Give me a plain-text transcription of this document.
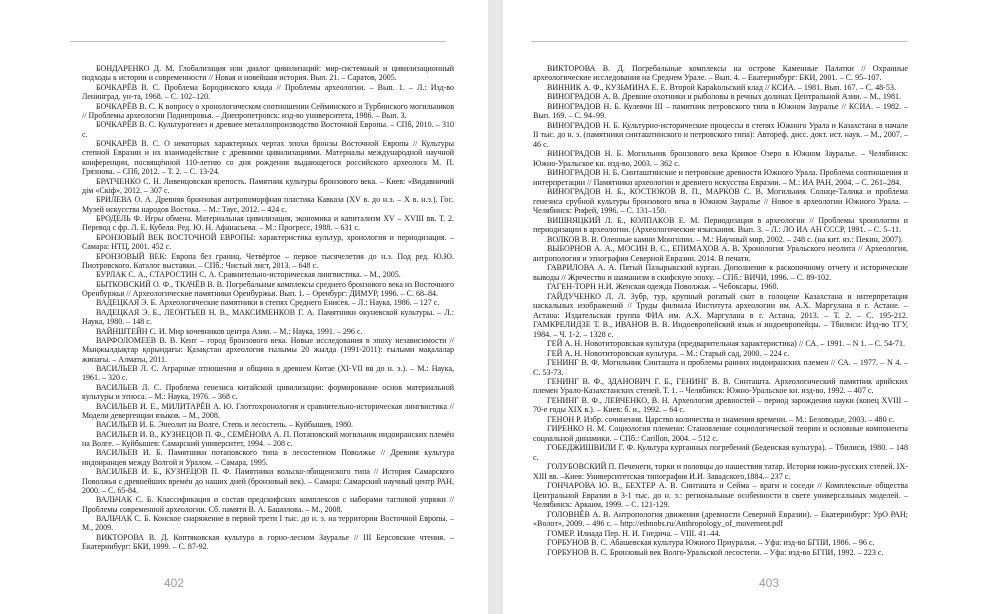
БОНДАРЕНКО Д. М. Глобализация или диалог цивилизаций: мир-системный и цивилизационный подходы к истории и современности // Новая и новейшая история. Вып. 21. – Саратов, 2005.

БОЧКАРЁВ В. С. Проблема Бородинского клада // Проблемы археологии. – Вып. 1. – Л.: Изд-во Ленинград. ун-та, 1968. – С. 102–120.

БОЧКАРЁВ В. С. К вопросу о хронологическом соотношении Сейминского и Турбинского могильников // Проблемы археологии Поднепровья. – Днепропетровск: изд-во университета, 1986. – Вып. 3.

БОЧКАРЁВ В. С. Культурогенез и древнее металлопроизводство Восточной Европы. – СПб, 2010. – 310 с.

БОЧКАРЁВ В. С. О некоторых характерных чертах эпохи бронзы Восточной Европы // Культуры степной Евразии и их взаимодействие с древними цивилизациями. Материалы международной научной конференции, посвящённой 110-летию со дня рождения выдающегося российского археолога М. П. Грязнова. – СПб, 2012. – Т. 2. – С. 13-24.

БРАТЧЕНКО С. Н. Ливенцовская крепость. Памятник культуры бронзового века. – Киев: «Видавничий дім «Скіф», 2012. – 307 с.

БРИЛЕВА О. А. Древняя бронзовая антропоморфная пластика Кавказа (XV в. до н.э. – X в. н.э.). Гос. Музей искусства народов Востока. – М.: Таус, 2012. – 424 с.

БРОДЕЛЬ Ф. Игры обмена. Материальная цивилизация, экономика и капитализм XV – XVIII вв. Т. 2. Перевод с фр. Л. Е. Кубеля. Ред. Ю. Н. Афанасьева. – М.: Прогресс, 1988. – 631 с.

БРОНЗОВЫЙ ВЕК ВОСТОЧНОЙ ЕВРОПЫ: характеристика культур, хронология и периодизация. – Самара: НТЦ, 2001. 452 с.

БРОНЗОВЫЙ ВЕК: Европа без границ. Четвёртое – первое тысячелетия до н.э. Под ред. Ю.Ю. Пиотровского. Каталог выставки. – СПб.: Чистый лист, 2013. – 648 с.

БУРЛАК С. А., СТАРОСТИН С. А. Сравнительно-историческая лингвистика. – М., 2005.

БЫТКОВСКИЙ О. Ф., ТКАЧЁВ В. В. Погребальные комплексы среднего бронзового века из Восточного Оренбуржья // Археологические памятники Оренбуржья. Вып. 1. – Оренбург: ДИМУР, 1996. – С. 68–84.

ВАДЕЦКАЯ Э. Б. Археологические памятники в степях Среднего Енисея. – Л.: Наука, 1986. – 127 с.

ВАДЕЦКАЯ Э. Б., ЛЕОНТЬЕВ Н. В., МАКСИМЕНКОВ Г. А. Памятники окуневской культуры. – Л.: Наука, 1980. – 148 с.

ВАЙНШТЕЙН С. И. Мир кочевников центра Азии. – М.: Наука, 1991. – 296 с.

ВАРФОЛОМЕЕВ В. В. Кент – город бронзового века. Новые исследования в эпоху независимости // Мыңжылдықтар қорындағы: Қазақстан археология ғылымы 20 жылда (1991-2011): ғылыми мақалалар жинағы. – Алматы, 2011.

ВАСИЛЬЕВ Л. С. Аграрные отношения и община в древнем Китае (XI-VII вв до н. э.). – М.: Наука, 1961. – 320 с.

ВАСИЛЬЕВ Л. С. Проблема генезиса китайской цивилизации: формирование основ материальной культуры и этноса. – М.: Наука, 1976. – 368 с.

ВАСИЛЬЕВ И. Е., МИЛИТАРЁВ А. Ю. Глоттохронология и сравнительно-историческая лингвистика // Модели девергенции языков. – М., 2008.

ВАСИЛЬЕВ И. Б. Энеолит на Волге. Степь и лесостепь. – Куйбышев, 1980.

ВАСИЛЬЕВ И. В., КУЗНЕЦОВ П. Ф., СЕМЁНОВА А. П. Потаповский могильник индоиранских племён на Волге. – Куйбышев: Самарский университет, 1994. – 208 с.

ВАСИЛЬЕВ И. Б. Памятники потаповского типа в лесостепном Поволжье // Древняя культура индоиранцев между Волгой и Уралом. – Самара, 1995.

ВАСИЛЬЕВ И. Б., КУЗНЕЦОВ П. Ф. Памятники вольско-лбищенского типа // История Самарского Поволжья с древнейших времён до наших дней (бронзовый век). – Самара: Самарский научный центр РАН, 2000. – С. 65-84.

ВАЛЬЧАК С. Б. Классификация и состав предскифских комплексов с наборами тагловой упряжи // Проблемы современной археологии. Сб. памяти В. А. Башилова. – М., 2008.

ВАЛЬЧАК С. Б. Конское снаряжение в первой трети I тыс. до н. э. на территории Восточной Европы. – М., 2009.

ВИКТОРОВА В. Д. Коптяковская культура в горно-лесном Зауралье // III Берсовские чтения. – Екатеринбург: БКИ, 1999. – С. 87-92.

402

ВИКТОРОВА В. Д. Погребальные комплексы на острове Каменные Палатки // Охранные археологические исследования на Среднем Урале. – Вып. 4. – Екатеринбург: БКИ, 2001. – С. 95–107.

ВИННИК А. Ф., КУЗЬМИНА Е. Е. Второй Караkольский клад // КСИА. – 1981. Вып. 167. – С. 48-53.

ВИНОГРАДОВ А. В. Древние охотники и рыболовы в речных долинах Центральной Азии. – М., 1981.

ВИНОГРАДОВ Н. Б. Кулевчи III – памятник петровского типа в Южном Зауралье // КСИА. – 1982. – Вып. 169. – С. 94–99.

ВИНОГРАДОВ Н. Б. Культурно-исторические процессы в степях Южного Урала и Казахстана в начале II тыс. до н. э. (памятники синташтинского и петровского типа): Автореф. дисс. докт. ист. наук. – М., 2007. – 46 с.

ВИНОГРАДОВ Н. Б. Могильник бронзового века Кривое Озеро в Южном Зауралье. – Челябинск: Южно-Уральское кн. изд-во, 2003. – 362 с.

ВИНОГРАДОВ Н. Б. Синташтинские и петровские древности Южного Урала. Проблема соотношения и интерпретации // Памятники археологии и древнего искусства Евразии. – М.: ИА РАН, 2004. – С. 261–284.

ВИНОГРАДОВ Н. Б., КОСТЮКОВ В. П., МАРКОВ С. В. Могильник Солнце-Талика и проблема генезиса срубной культуры бронзового века в Южном Зауралье // Новое в археологии Южного Урала. – Челябинск: Рифей, 1996. – С. 131–150.

ВИШНЯЦКИЙ Л. Б., КОЛПАКОВ Е. М. Периодизация в археологии // Проблемы хронологии и периодизации в археологии. (Археологические изыскания. Вып. 3. – Л.: ЛО ИА АН СССР, 1991. – С. 5–11.

ВОЛКОВ В. В. Оленные камни Монголии. – М.: Научный мир, 2002. – 248 с. (на кит. яз.: Пекин, 2007).

ВЫБОРНОВ А. А., МОСИН В. С., ЕПИМАХОВ А. В. Хронология Уральского неолита // Археология, антропология и этнография Северной Евразии. 2014. В печати.

ГАВРИЛОВА А. А. Пятый Пазырыкский курган. Дополнение к раскопочному отчету и исторические выводы // Жречество и шаманизм в скифскую эпоху. – СПб.: ВИЧИ, 1996. – С. 89-102.

ГАГЕН-ТОРН Н.И. Женская одежда Поволжья. – Чебоксары, 1960.

ГАЙДУЧЕНКО Л. Л. Зубр, тур, крупный рогатый скот в голоцене Казахстана и интерпретация наскальных изображений // Труды филиала Института археологии им. А.Х. Маргулана в г. Астане. – Астана: Издательская группа ФИА им. А.Х. Маргулана в г. Астана, 2013. – Т. 2. – С. 195-212. ГАМКРЕЛИДЗЕ Т. В., ИВАНОВ В. В. Индоевропейский язык и индоевропейцы. – Тбилиси: Изд-во ТГУ, 1984. – Ч. 1-2. – 1328 с.

ГЕЙ А. Н. Новотиторовская культура (предварительная характеристика) // СА. – 1991. – N 1. – С. 54-71.

ГЕЙ А. Н. Новотиторовская культура. – М.: Старый сад, 2000. – 224 с.

ГЕНИНГ В. Ф. Могильник Синташта и проблемы ранних индоиранских племен // СА. – 1977. – N 4. – С. 53-73.

ГЕНИНГ В. Ф., ЗДАНОВИЧ Г. Б., ГЕНИНГ В. В. Синташта. Археологический памятник арийских племен Урало-Казахстанских степей. Т. 1. – Челябинск: Южно-Уральское кн. изд-во, 1992. – 407 с.

ГЕНИНГ В. Ф., ЛЕВЧЕНКО, В. Н. Археология древностей – период зарождения науки (конец XVIII – 70-е годы XIX в.). – Киев: б. и., 1992. – 64 с.

ГЕНОН Р. Избр. сочинения. Царство количества и знамения времени. – М.: Беловодье, 2003. – 480 с.

ГИРЕНКО Н. М. Социология племени: Становление социологической теории и основные компоненты социальной динамики. – СПб.: Carillon, 2004. – 512 с.

ГОБЕДЖИШВИЛИ Г. Ф. Культура курганных погребений (Беденская культура). – Тбилиси, 1980. – 148 с.

ГОЛУБОВСКИЙ П. Печенеги, торки и половцы до нашествия татар. История южно-русских степей. IX-XIII вв. –Киев: Университетская типография И.И. Завадского,1884.– 237 с.

ГОНЧАРОВА Ю. В., БЕХТЕР А. В. Синташта и Сейма – враги и соседи // Комплексные общества Центральной Евразии в 3-1 тыс. до н. э.: региональные особенности в свете универсальных моделей. – Челябинск: Аркаим, 1999. – С. 121-129.

ГОЛОВНЁВ А. В. Антропология движения (древности Северной Евразии). – Екатеринбург: УрО РАН; «Волот», 2009. – 496 с. – http://ethnobs.ru/Anthropology_of_movement.pdf

ГОМЕР. Илиада Пер. Н. И. Гнедича. – VIII. 41–44.

ГОРБУНОВ В. С. Абашевская культура Южного Приуралья. – Уфа: изд-во БГПИ, 1986. – 96 с.

ГОРБУНОВ В. С. Бронзовый век Волго-Уральской лесостепи. – Уфа: изд-во БГПИ, 1992. – 223 с.

403
